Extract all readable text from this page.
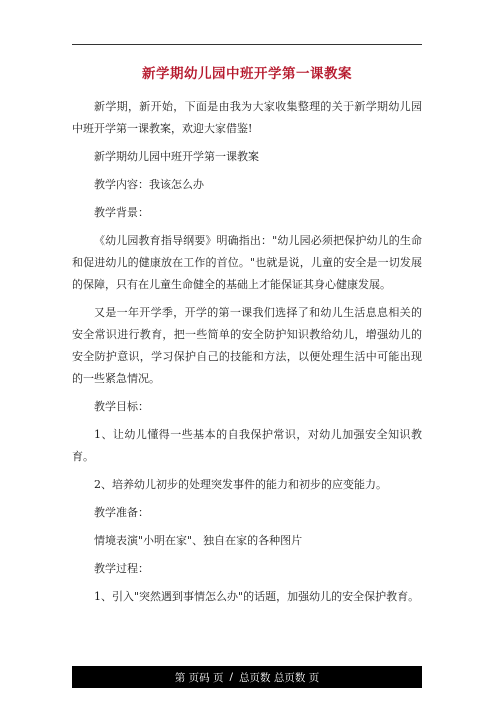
新学期幼儿园中班开学第一课教案

新学期，新开始，下面是由我为大家收集整理的关于新学期幼儿园中班开学第一课教案，欢迎大家借鉴!

新学期幼儿园中班开学第一课教案

教学内容：我该怎么办

教学背景：

《幼儿园教育指导纲要》明确指出："幼儿园必须把保护幼儿的生命和促进幼儿的健康放在工作的首位。"也就是说，儿童的安全是一切发展的保障，只有在儿童生命健全的基础上才能保证其身心健康发展。

又是一年开学季，开学的第一课我们选择了和幼儿生活息息相关的安全常识进行教育，把一些简单的安全防护知识教给幼儿，增强幼儿的安全防护意识，学习保护自己的技能和方法，以便处理生活中可能出现的一些紧急情况。

教学目标：

1、让幼儿懂得一些基本的自我保护常识，对幼儿加强安全知识教育。

2、培养幼儿初步的处理突发事件的能力和初步的应变能力。

教学准备：

情境表演"小明在家"、独自在家的各种图片

教学过程：

1、引入"突然遇到事情怎么办"的话题，加强幼儿的安全保护教育。

第 页码 页 / 总页数 总页数 页
